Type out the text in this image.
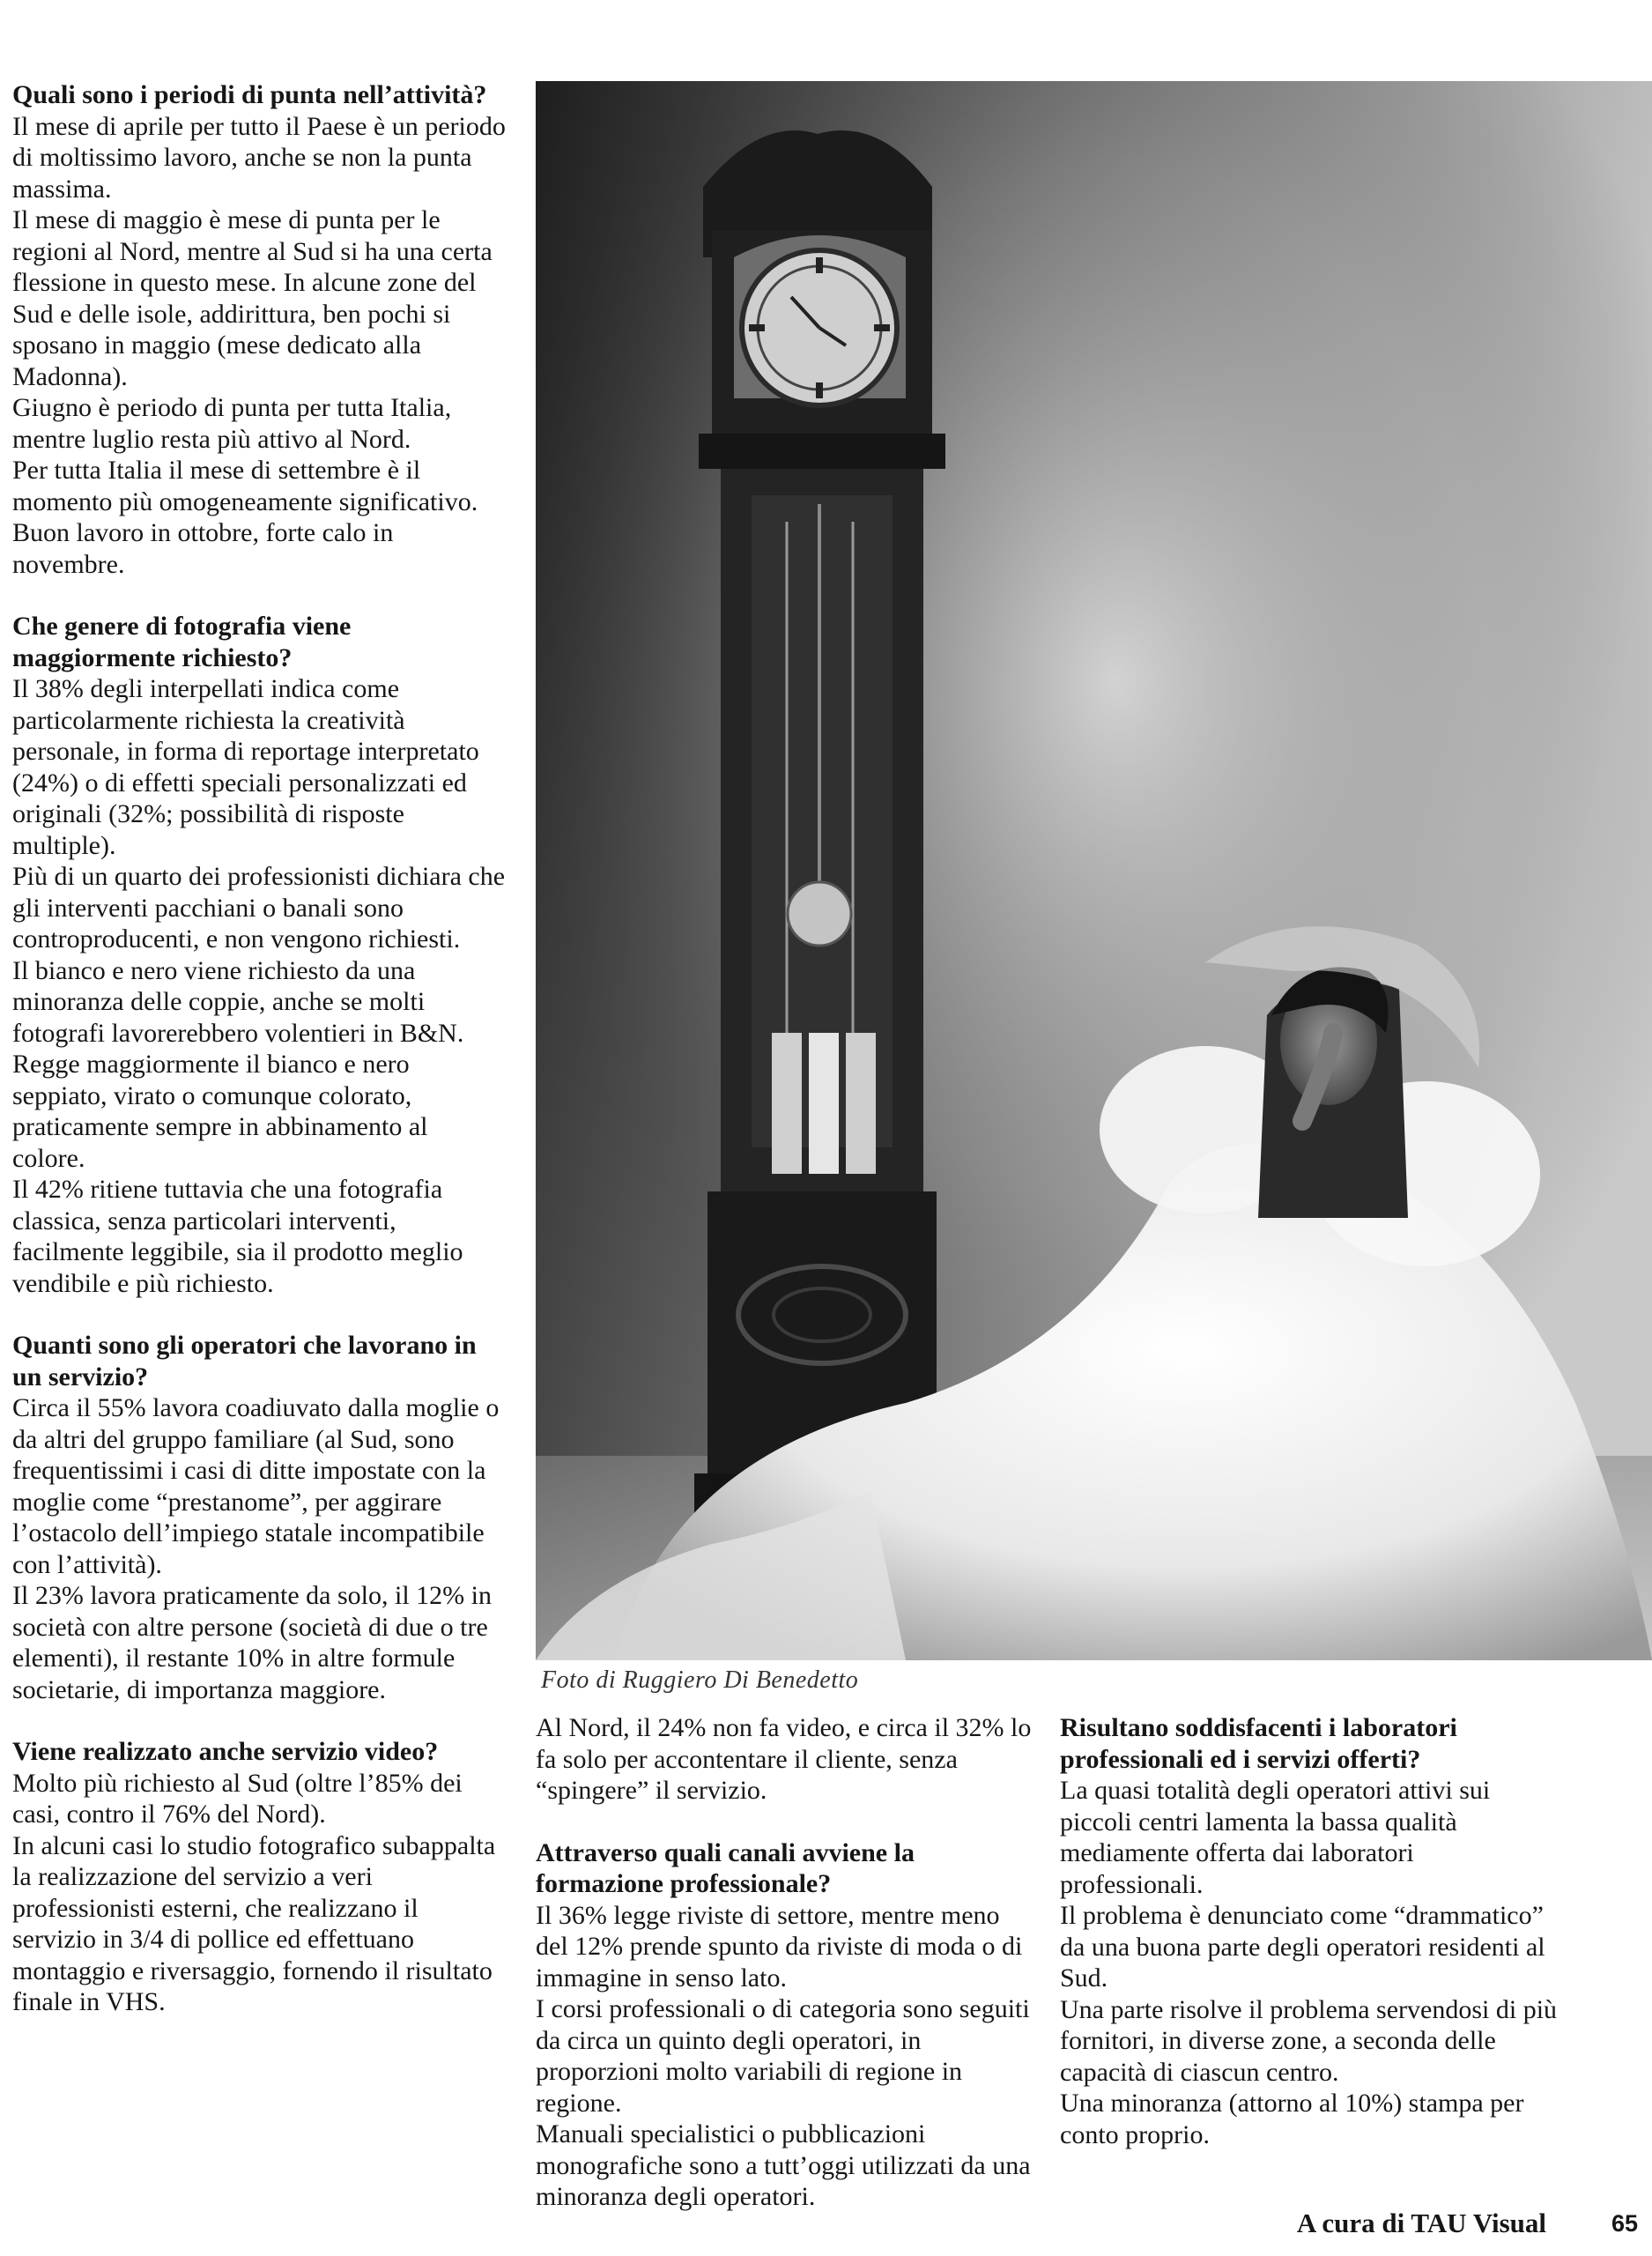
Quali sono i periodi di punta nell’attività?

Il mese di aprile per tutto il Paese è un periodo di moltissimo lavoro, anche se non la punta massima.

Il mese di maggio è mese di punta per le regioni al Nord, mentre al Sud si ha una certa flessione in questo mese. In alcune zone del Sud e delle isole, addirittura, ben pochi si sposano in maggio (mese dedicato alla Madonna).

Giugno è periodo di punta per tutta Italia, mentre luglio resta più attivo al Nord.

Per tutta Italia il mese di settembre è il momento più omogeneamente significativo.

Buon lavoro in ottobre, forte calo in novembre.

Che genere di fotografia viene maggiormente richiesto?

Il 38% degli interpellati indica come particolarmente richiesta la creatività personale, in forma di reportage interpretato (24%) o di effetti speciali personalizzati ed originali (32%; possibilità di risposte multiple).

Più di un quarto dei professionisti dichiara che gli interventi pacchiani o banali sono controproducenti, e non vengono richiesti.

Il bianco e nero viene richiesto da una minoranza delle coppie, anche se molti fotografi lavorerebbero volentieri in B&N.

Regge maggiormente il bianco e nero seppiato, virato o comunque colorato, praticamente sempre in abbinamento al colore.

Il 42% ritiene tuttavia che una fotografia classica, senza particolari interventi, facilmente leggibile, sia il prodotto meglio vendibile e più richiesto.

Quanti sono gli operatori che lavorano in un servizio?

Circa il 55% lavora coadiuvato dalla moglie o da altri del gruppo familiare (al Sud, sono frequentissimi i casi di ditte impostate con la moglie come “prestanome”, per aggirare l’ostacolo dell’impiego statale incompatibile con l’attività).

Il 23% lavora praticamente da solo, il 12% in società con altre persone (società di due o tre elementi), il restante 10% in altre formule societarie, di importanza maggiore.

Viene realizzato anche servizio video?

Molto più richiesto al Sud (oltre l’85% dei casi, contro il 76% del Nord).

In alcuni casi lo studio fotografico subappalta la realizzazione del servizio a veri professionisti esterni, che realizzano il servizio in 3/4 di pollice ed effettuano montaggio e riversaggio, fornendo il risultato finale in VHS.

Foto di Ruggiero Di Benedetto

Al Nord, il 24% non fa video, e circa il 32% lo fa solo per accontentare il cliente, senza “spingere” il servizio.

Attraverso quali canali avviene la formazione professionale?

Il 36% legge riviste di settore, mentre meno del 12% prende spunto da riviste di moda o di immagine in senso lato.

I corsi professionali o di categoria sono seguiti da circa un quinto degli operatori, in proporzioni molto variabili di regione in regione.

Manuali specialistici o pubblicazioni monografiche sono a tutt’oggi utilizzati da una minoranza degli operatori.

Risultano soddisfacenti i laboratori professionali ed i servizi offerti?

La quasi totalità degli operatori attivi sui piccoli centri lamenta la bassa qualità mediamente offerta dai laboratori professionali.

Il problema è denunciato come “drammatico” da una buona parte degli operatori residenti al Sud.

Una parte risolve il problema servendosi di più fornitori, in diverse zone, a seconda delle capacità di ciascun centro.

Una minoranza (attorno al 10%) stampa per conto proprio.

A cura di TAU Visual	65
